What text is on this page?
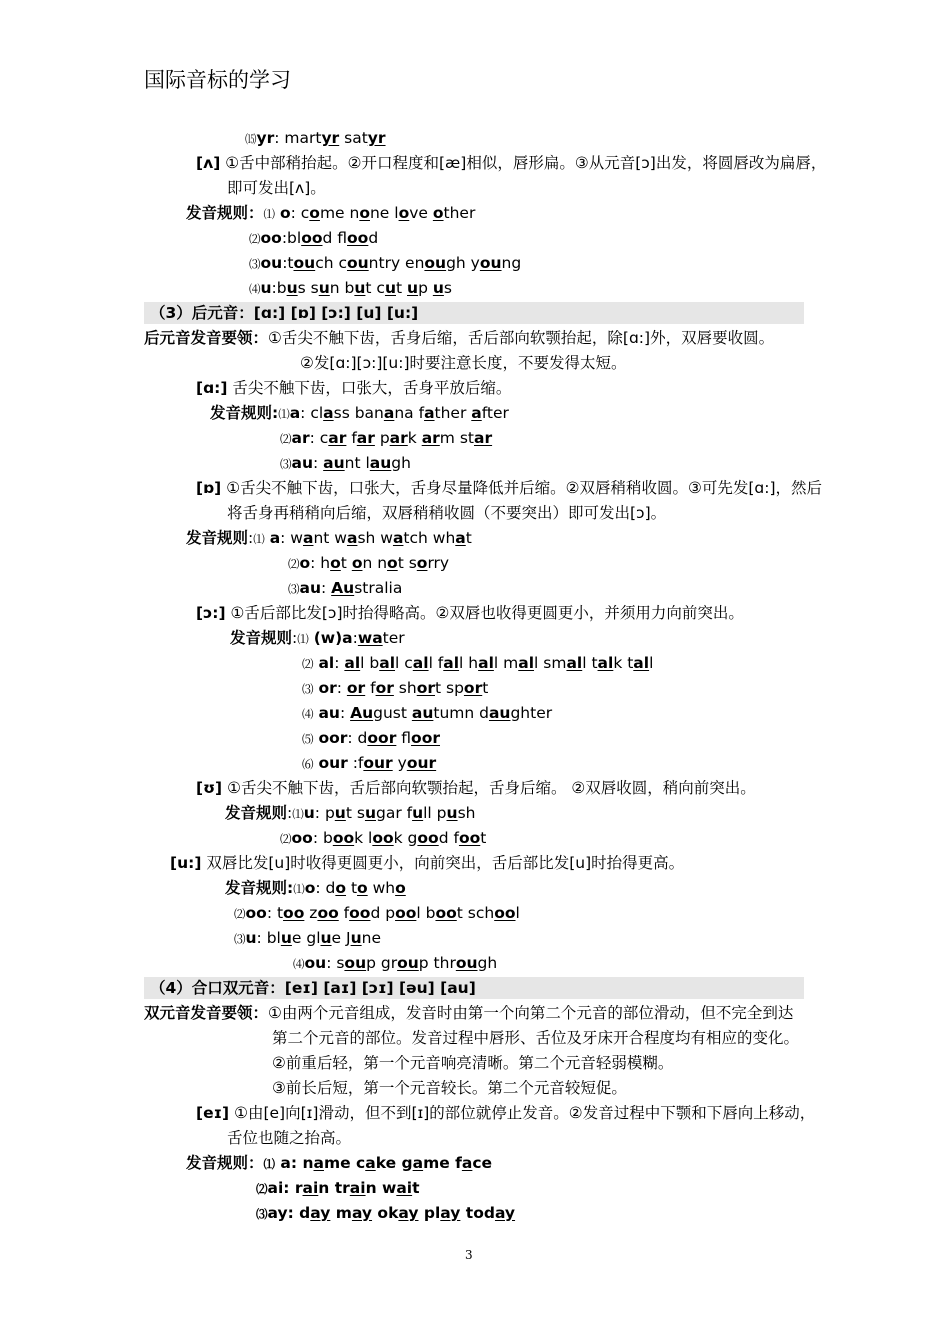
国际音标的学习
⒂yr: martyr satyr
[ʌ] ①舌中部稍抬起。②开口程度和[æ]相似，唇形扁。③从元音[ɔ]出发，将圆唇改为扁唇，
即可发出[ʌ]。
发音规则：⑴ o: come none love other
⑵oo:blood flood
⑶ou:touch country enough young
⑷u:bus sun but cut up us
（3）后元音：[ɑ:] [ɒ] [ɔ:] [u] [u:]
后元音发音要领：①舌尖不触下齿，舌身后缩，舌后部向软颚抬起，除[ɑ:]外，双唇要收圆。
②发[ɑ:][ɔ:][u:]时要注意长度，不要发得太短。
[ɑ:] 舌尖不触下齿，口张大，舌身平放后缩。
发音规则:⑴a: class banana father after
⑵ar: car far park arm star
⑶au: aunt laugh
[ɒ] ①舌尖不触下齿，口张大，舌身尽量降低并后缩。②双唇稍稍收圆。③可先发[ɑ:]，然后
将舌身再稍稍向后缩，双唇稍稍收圆（不要突出）即可发出[ɔ]。
发音规则:⑴ a: want wash watch what
⑵o: hot on not sorry
⑶au: Australia
[ɔ:] ①舌后部比发[ɔ]时抬得略高。②双唇也收得更圆更小，并须用力向前突出。
发音规则:⑴ (w)a:water
⑵ al: all ball call fall hall mall small talk tall
⑶ or: or for short sport
⑷ au: August autumn daughter
⑸ oor: door floor
⑹ our :four your
[ʊ] ①舌尖不触下齿，舌后部向软颚抬起，舌身后缩。 ②双唇收圆，稍向前突出。
发音规则:⑴u: put sugar full push
⑵oo: book look good foot
[u:] 双唇比发[u]时收得更圆更小，向前突出，舌后部比发[u]时抬得更高。
发音规则:⑴o: do to who
⑵oo: too zoo food pool boot school
⑶u: blue glue June
⑷ou: soup group through
（4）合口双元音：[eɪ] [aɪ] [ɔɪ] [əu] [au]
双元音发音要领：①由两个元音组成，发音时由第一个向第二个元音的部位滑动，但不完全到达
第二个元音的部位。发音过程中唇形、舌位及牙床开合程度均有相应的变化。
②前重后轻，第一个元音响亮清晰。第二个元音轻弱模糊。
③前长后短，第一个元音较长。第二个元音较短促。
[eɪ] ①由[e]向[ɪ]滑动，但不到[ɪ]的部位就停止发音。②发音过程中下颚和下唇向上移动，
舌位也随之抬高。
发音规则：⑴ a: name cake game face
⑵ai: rain train wait
⑶ay: day may okay play today
3
